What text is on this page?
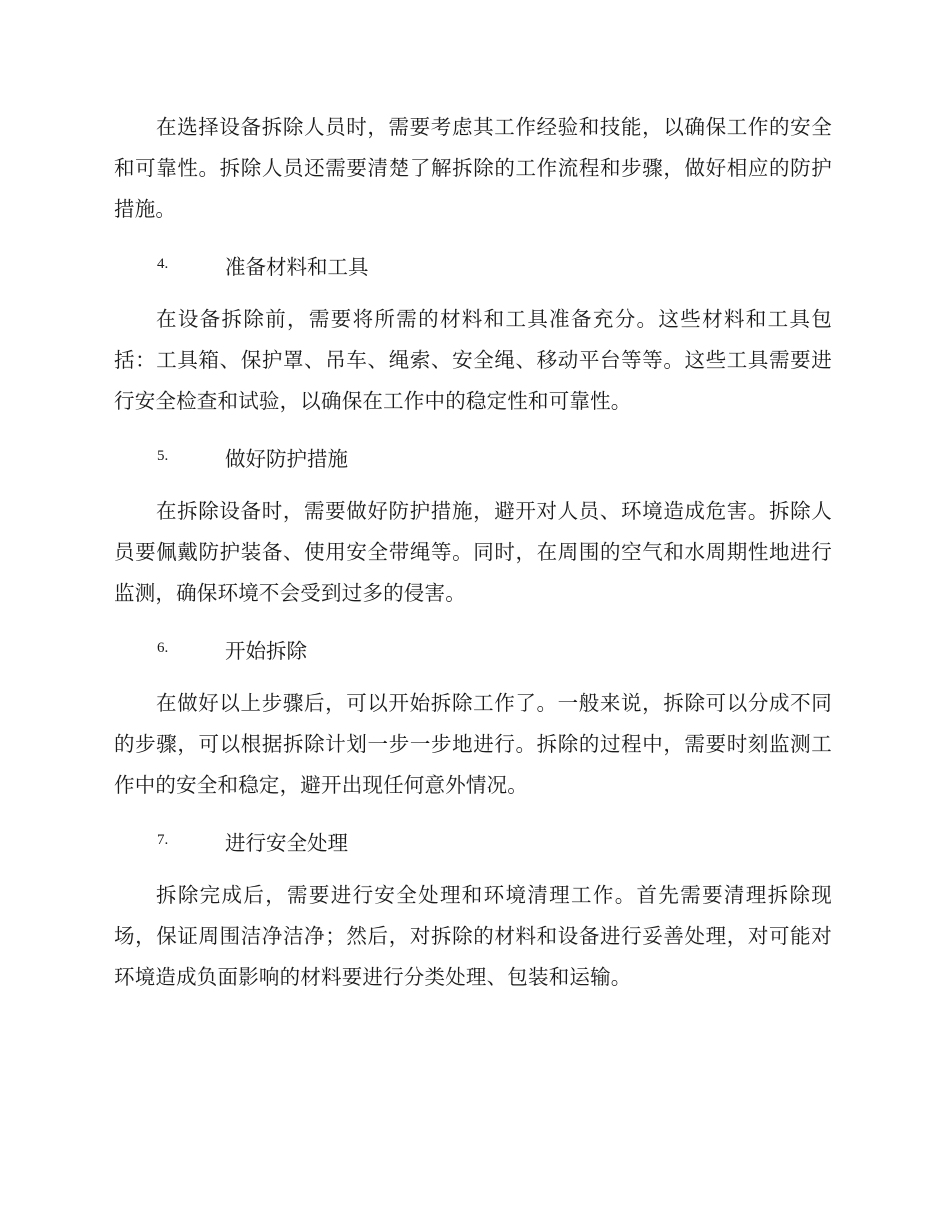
在选择设备拆除人员时，需要考虑其工作经验和技能，以确保工作的安全和可靠性。拆除人员还需要清楚了解拆除的工作流程和步骤，做好相应的防护措施。

4.	准备材料和工具

在设备拆除前，需要将所需的材料和工具准备充分。这些材料和工具包括：工具箱、保护罩、吊车、绳索、安全绳、移动平台等等。这些工具需要进行安全检查和试验，以确保在工作中的稳定性和可靠性。

5.	做好防护措施

在拆除设备时，需要做好防护措施，避开对人员、环境造成危害。拆除人员要佩戴防护装备、使用安全带绳等。同时，在周围的空气和水周期性地进行监测，确保环境不会受到过多的侵害。

6.	开始拆除

在做好以上步骤后，可以开始拆除工作了。一般来说，拆除可以分成不同的步骤，可以根据拆除计划一步一步地进行。拆除的过程中，需要时刻监测工作中的安全和稳定，避开出现任何意外情况。

7.	进行安全处理

拆除完成后，需要进行安全处理和环境清理工作。首先需要清理拆除现场，保证周围洁净洁净；然后，对拆除的材料和设备进行妥善处理，对可能对环境造成负面影响的材料要进行分类处理、包装和运输。
